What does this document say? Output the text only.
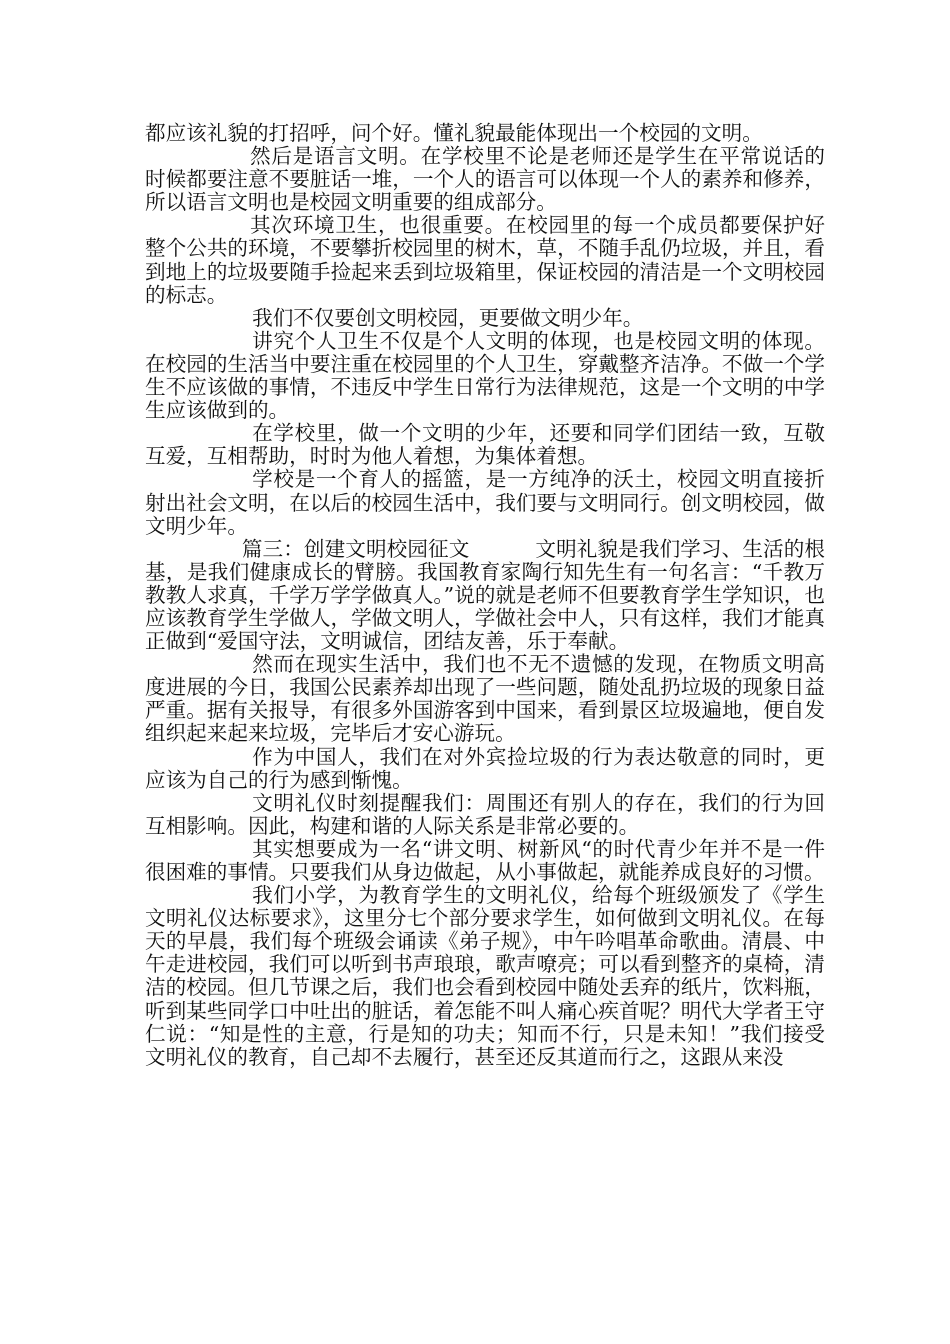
都应该礼貌的打招呼，问个好。懂礼貌最能体现出一个校园的文明。

然后是语言文明。在学校里不论是老师还是学生在平常说话的时候都要注意不要脏话一堆，一个人的语言可以体现一个人的素养和修养，所以语言文明也是校园文明重要的组成部分。

其次环境卫生，也很重要。在校园里的每一个成员都要保护好整个公共的环境，不要攀折校园里的树木，草，不随手乱仍垃圾，并且，看到地上的垃圾要随手捡起来丢到垃圾箱里，保证校园的清洁是一个文明校园的标志。

我们不仅要创文明校园，更要做文明少年。

讲究个人卫生不仅是个人文明的体现，也是校园文明的体现。在校园的生活当中要注重在校园里的个人卫生，穿戴整齐洁净。不做一个学生不应该做的事情，不违反中学生日常行为法律规范，这是一个文明的中学生应该做到的。

在学校里，做一个文明的少年，还要和同学们团结一致，互敬互爱，互相帮助，时时为他人着想，为集体着想。

学校是一个育人的摇篮，是一方纯净的沃土，校园文明直接折射出社会文明，在以后的校园生活中，我们要与文明同行。创文明校园，做文明少年。

篇三：创建文明校园征文	文明礼貌是我们学习、生活的根基，是我们健康成长的臂膀。我国教育家陶行知先生有一句名言：“千教万教教人求真，千学万学学做真人。”说的就是老师不但要教育学生学知识，也应该教育学生学做人，学做文明人，学做社会中人，只有这样，我们才能真正做到“爱国守法，文明诚信，团结友善，乐于奉献。

然而在现实生活中，我们也不无不遗憾的发现，在物质文明高度进展的今日，我国公民素养却出现了一些问题，随处乱扔垃圾的现象日益严重。据有关报导，有很多外国游客到中国来，看到景区垃圾遍地，便自发组织起来起来垃圾，完毕后才安心游玩。

作为中国人，我们在对外宾捡垃圾的行为表达敬意的同时，更应该为自己的行为感到惭愧。

文明礼仪时刻提醒我们：周围还有别人的存在，我们的行为回互相影响。因此，构建和谐的人际关系是非常必要的。

其实想要成为一名“讲文明、树新风“的时代青少年并不是一件很困难的事情。只要我们从身边做起，从小事做起，就能养成良好的习惯。

我们小学，为教育学生的文明礼仪，给每个班级颁发了《学生文明礼仪达标要求》，这里分七个部分要求学生，如何做到文明礼仪。在每天的早晨，我们每个班级会诵读《弟子规》，中午吟唱革命歌曲。清晨、中午走进校园，我们可以听到书声琅琅，歌声嘹亮；可以看到整齐的桌椅，清洁的校园。但几节课之后，我们也会看到校园中随处丢弃的纸片，饮料瓶，听到某些同学口中吐出的脏话，着怎能不叫人痛心疾首呢？明代大学者王守仁说：“知是性的主意，行是知的功夫；知而不行，只是未知！”我们接受文明礼仪的教育，自己却不去履行，甚至还反其道而行之，这跟从来没
